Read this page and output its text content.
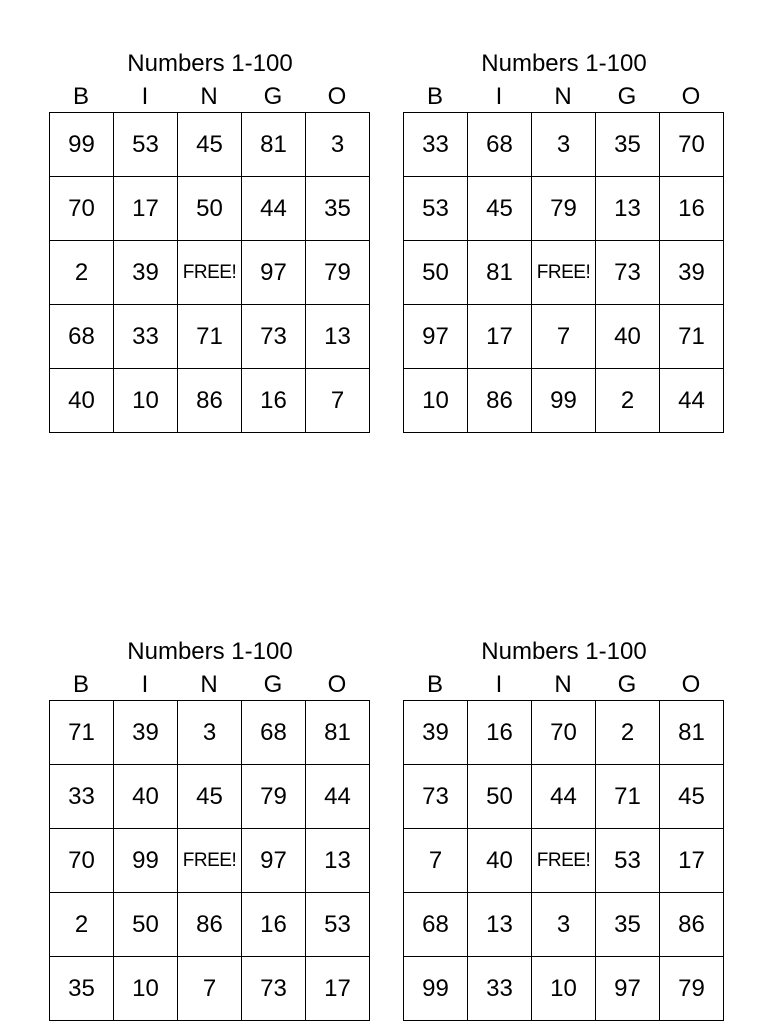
Numbers 1-100
B	I	N	G	O
99	53	45	81	3
70	17	50	44	35
2	39	FREE!	97	79
68	33	71	73	13
40	10	86	16	7
Numbers 1-100
B	I	N	G	O
33	68	3	35	70
53	45	79	13	16
50	81	FREE!	73	39
97	17	7	40	71
10	86	99	2	44
Numbers 1-100
B	I	N	G	O
71	39	3	68	81
33	40	45	79	44
70	99	FREE!	97	13
2	50	86	16	53
35	10	7	73	17
Numbers 1-100
B	I	N	G	O
39	16	70	2	81
73	50	44	71	45
7	40	FREE!	53	17
68	13	3	35	86
99	33	10	97	79
